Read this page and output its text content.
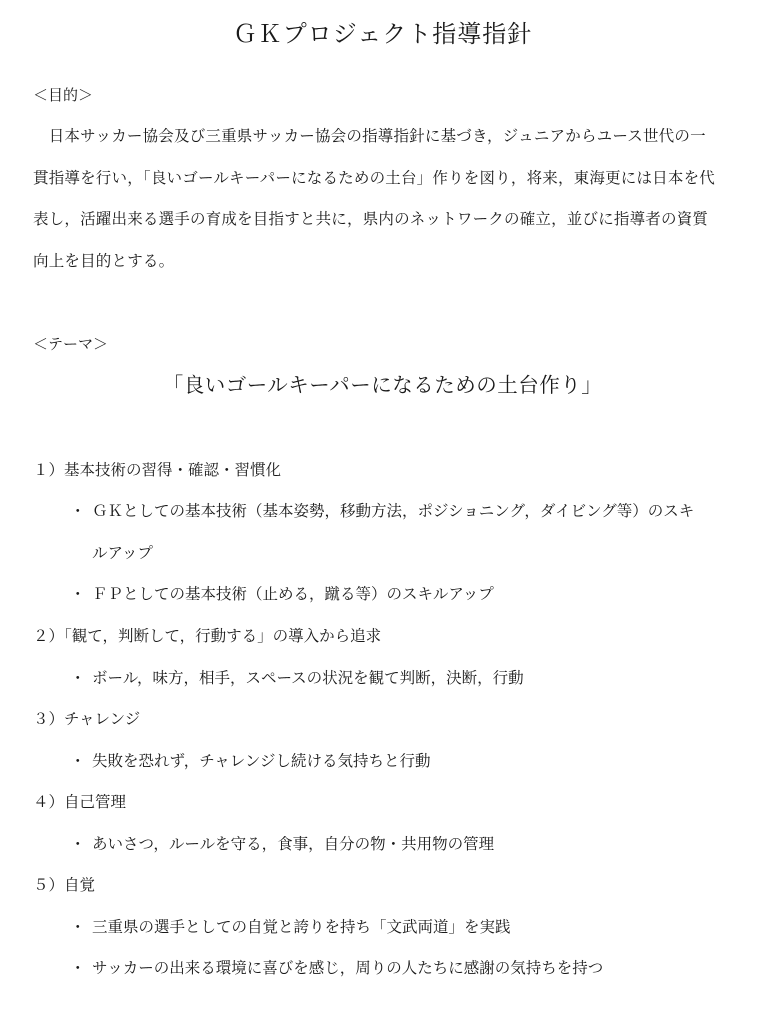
ＧＫプロジェクト指導指針
＜目的＞
　日本サッカー協会及び三重県サッカー協会の指導指針に基づき，ジュニアからユース世代の一
貫指導を行い，「良いゴールキーパーになるための土台」作りを図り，将来，東海更には日本を代
表し，活躍出来る選手の育成を目指すと共に，県内のネットワークの確立，並びに指導者の資質
向上を目的とする。
＜テーマ＞
「良いゴールキーパーになるための土台作り」
１）基本技術の習得・確認・習慣化
・ ＧＫとしての基本技術（基本姿勢，移動方法，ポジショニング，ダイビング等）のスキ
ルアップ
・ ＦＰとしての基本技術（止める，蹴る等）のスキルアップ
２）「観て，判断して，行動する」の導入から追求
・ ボール，味方，相手，スペースの状況を観て判断，決断，行動
３）チャレンジ
・ 失敗を恐れず，チャレンジし続ける気持ちと行動
４）自己管理
・ あいさつ，ルールを守る，食事，自分の物・共用物の管理
５）自覚
・ 三重県の選手としての自覚と誇りを持ち「文武両道」を実践
・ サッカーの出来る環境に喜びを感じ，周りの人たちに感謝の気持ちを持つ
